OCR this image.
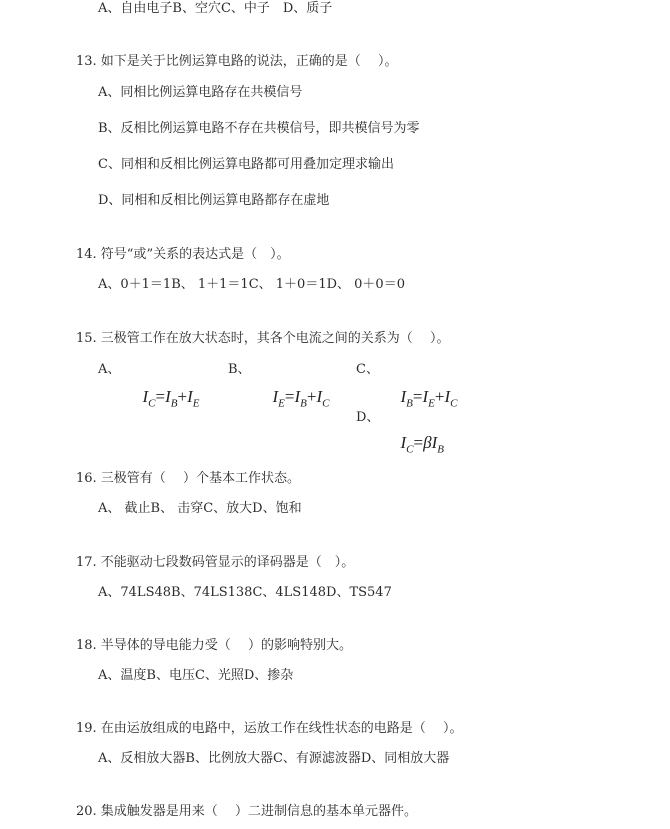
A、自由电子B、空穴C、中子　D、质子
13. 如下是关于比例运算电路的说法，正确的是（　 ）。
A、同相比例运算电路存在共模信号
B、反相比例运算电路不存在共模信号，即共模信号为零
C、同相和反相比例运算电路都可用叠加定理求输出
D、同相和反相比例运算电路都存在虚地
14. 符号“或”关系的表达式是（　）。
A、0＋1＝1B、 1＋1＝1C、 1＋0＝1D、 0＋0＝0
15. 三极管工作在放大状态时，其各个电流之间的关系为（　 ）。
A、

$I_C=I_B+I_E$

B、

$I_E=I_B+I_C$

C、

$I_B=I_E+I_C$

D、

$I_C=\beta I_B$

16. 三极管有（　 ）个基本工作状态。
A、 截止B、 击穿C、放大D、饱和
17. 不能驱动七段数码管显示的译码器是（　）。
A、74LS48B、74LS138C、4LS148D、TS547
18. 半导体的导电能力受（　 ）的影响特别大。
A、温度B、电压C、光照D、掺杂
19. 在由运放组成的电路中，运放工作在线性状态的电路是（　 ）。
A、反相放大器B、比例放大器C、有源滤波器D、同相放大器
20. 集成触发器是用来（　 ）二进制信息的基本单元器件。
